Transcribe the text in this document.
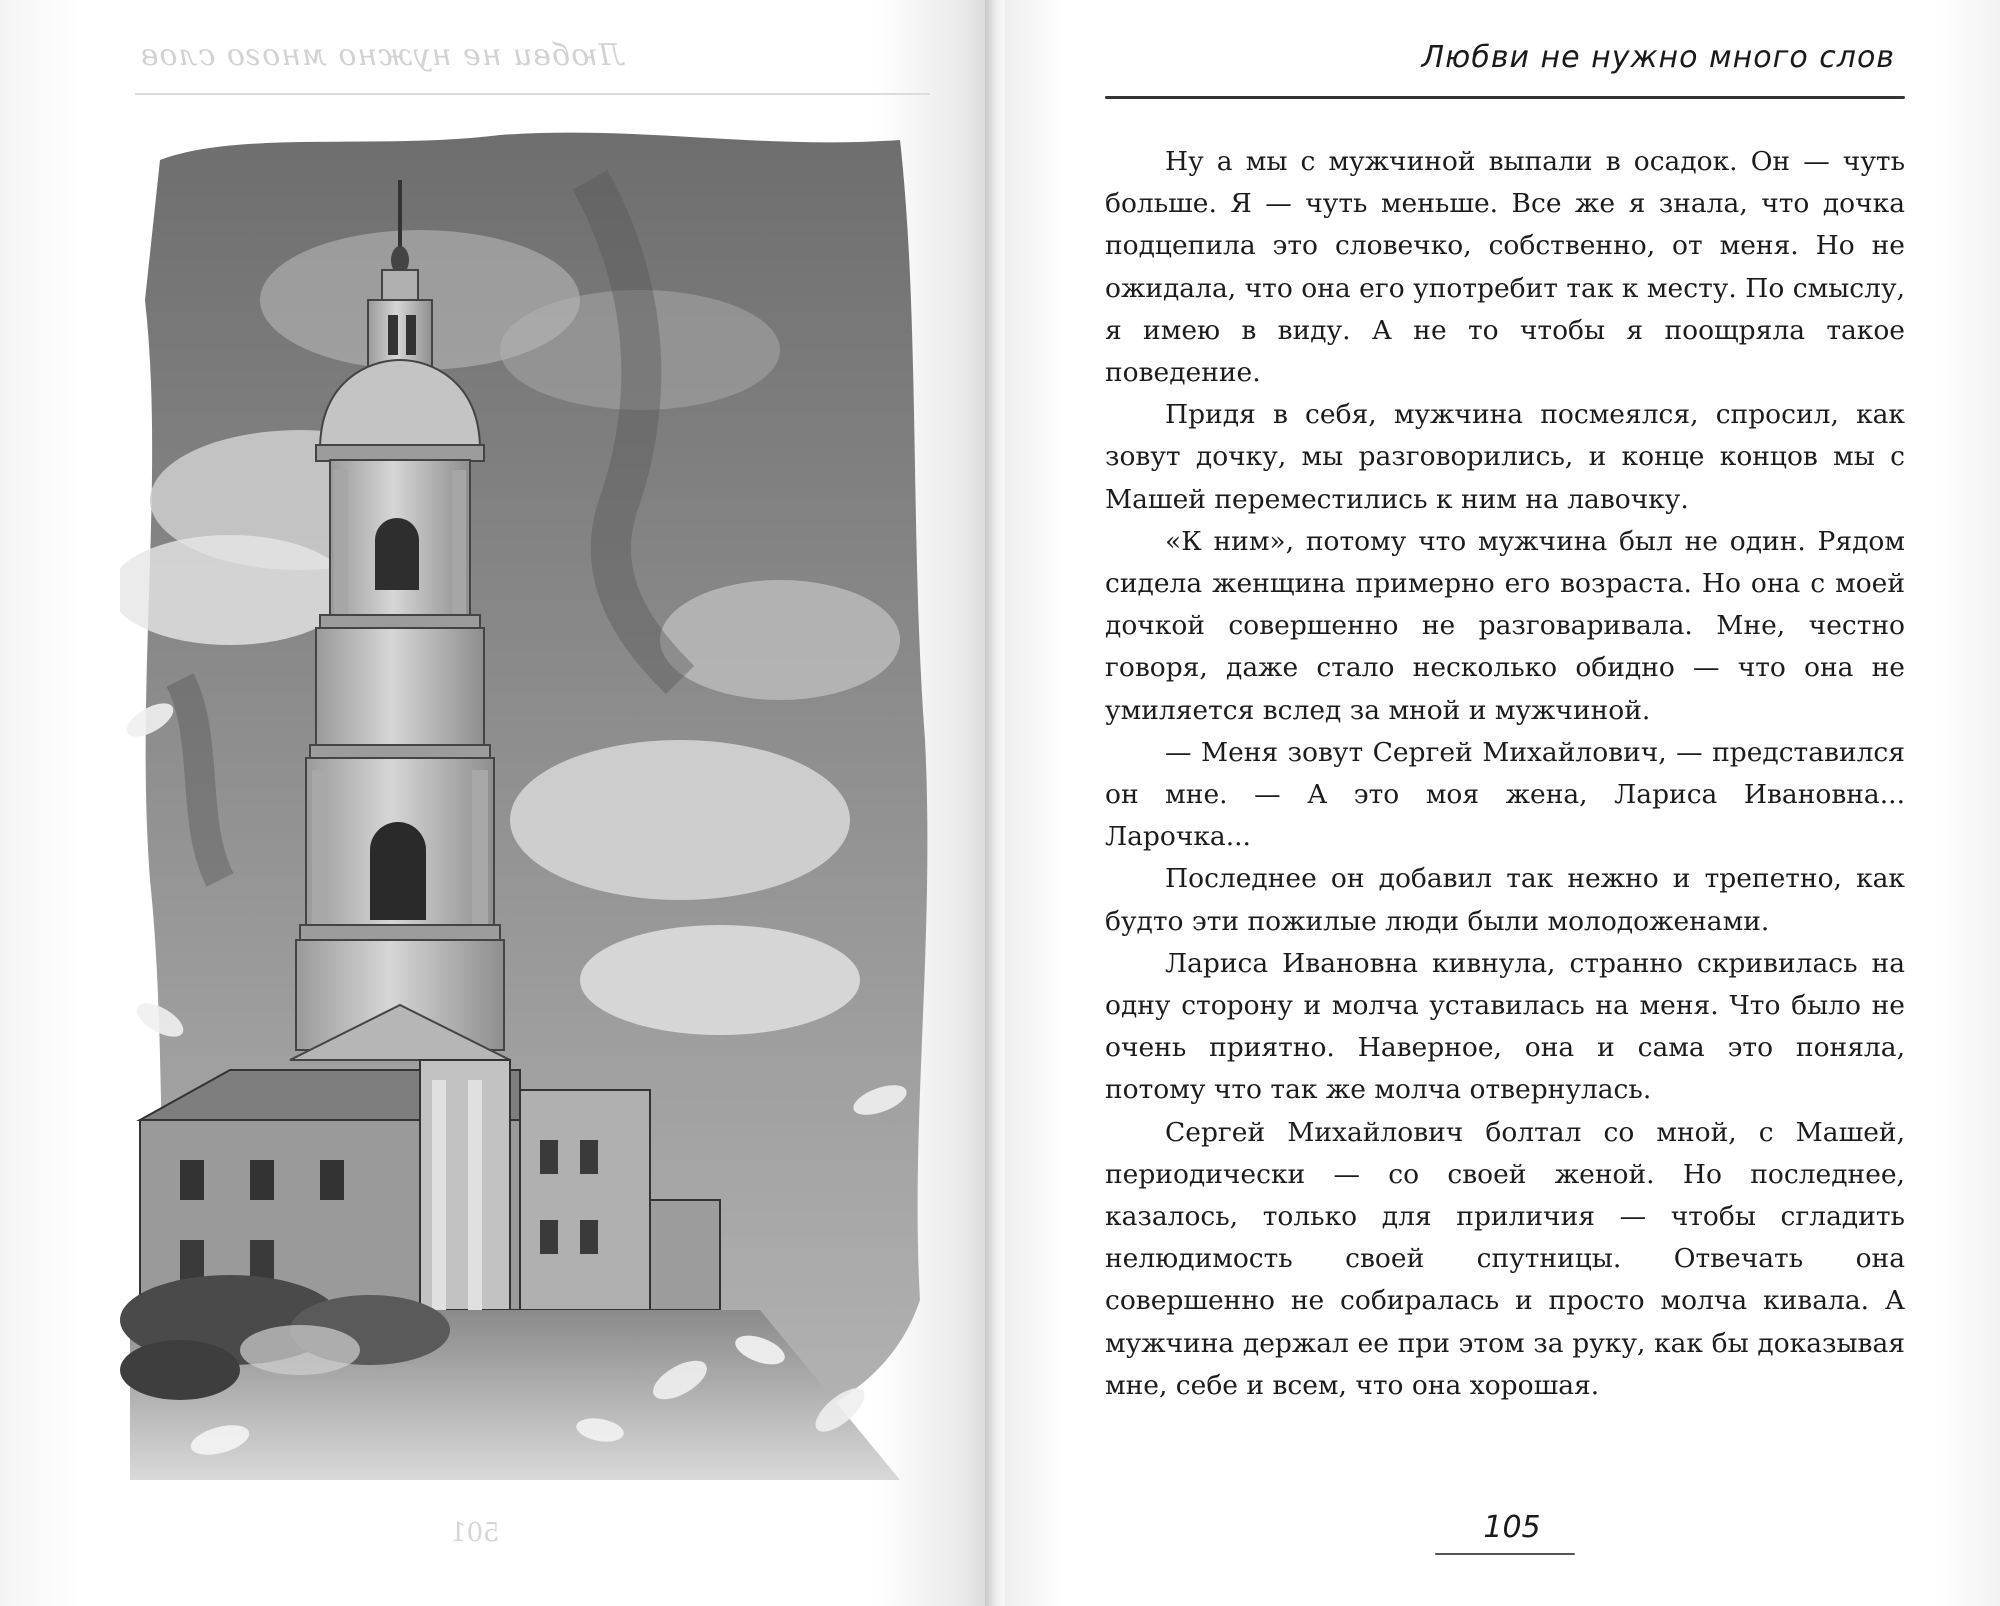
Любви не нужно много слов
501
Любви не нужно много слов

Ну а мы с мужчиной выпали в осадок. Он — чуть больше. Я — чуть меньше. Все же я знала, что дочка подцепила это словечко, собственно, от меня. Но не ожидала, что она его употребит так к месту. По смыслу, я имею в виду. А не то чтобы я поощряла такое поведение.

Придя в себя, мужчина посмеялся, спросил, как зовут дочку, мы разговорились, и конце концов мы с Машей переместились к ним на лавочку.

«К ним», потому что мужчина был не один. Рядом сидела женщина примерно его возраста. Но она с моей дочкой совершенно не разговаривала. Мне, честно говоря, даже стало несколько обидно — что она не умиляется вслед за мной и мужчиной.

— Меня зовут Сергей Михайлович, — представился он мне. — А это моя жена, Лариса Ивановна... Ларочка...

Последнее он добавил так нежно и трепетно, как будто эти пожилые люди были молодоженами.

Лариса Ивановна кивнула, странно скривилась на одну сторону и молча уставилась на меня. Что было не очень приятно. Наверное, она и сама это поняла, потому что так же молча отвернулась.

Сергей Михайлович болтал со мной, с Машей, периодически — со своей женой. Но последнее, казалось, только для приличия — чтобы сгладить нелюдимость своей спутницы. Отвечать она совершенно не собиралась и просто молча кивала. А мужчина держал ее при этом за руку, как бы доказывая мне, себе и всем, что она хорошая.

105
